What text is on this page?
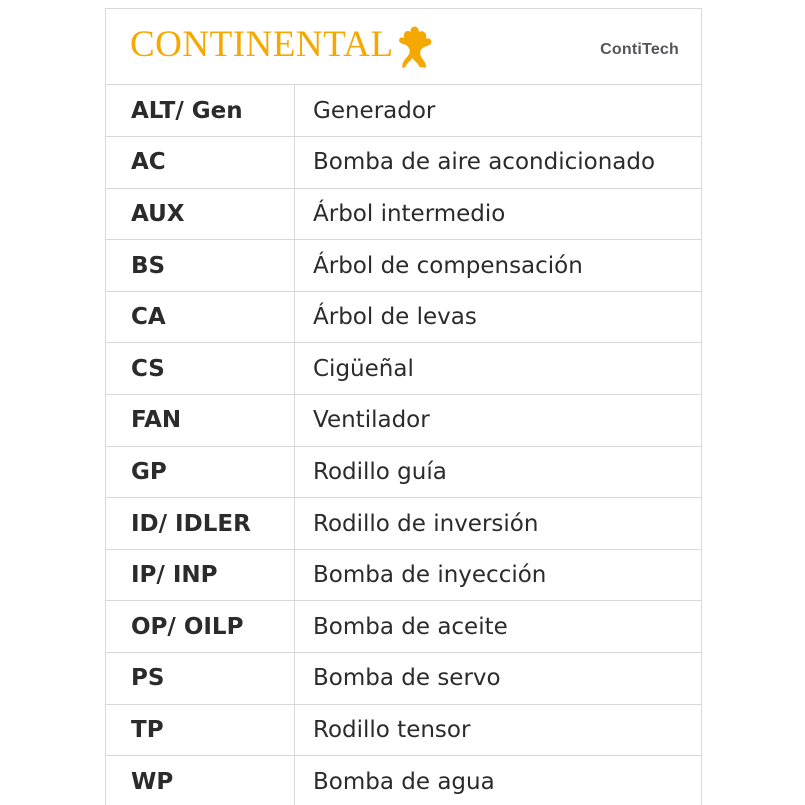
CONTINENTAL	ContiTech
ALT/ Gen	Generador
AC	Bomba de aire acondicionado
AUX	Árbol intermedio
BS	Árbol de compensación
CA	Árbol de levas
CS	Cigüeñal
FAN	Ventilador
GP	Rodillo guía
ID/ IDLER	Rodillo de inversión
IP/ INP	Bomba de inyección
OP/ OILP	Bomba de aceite
PS	Bomba de servo
TP	Rodillo tensor
WP	Bomba de agua
